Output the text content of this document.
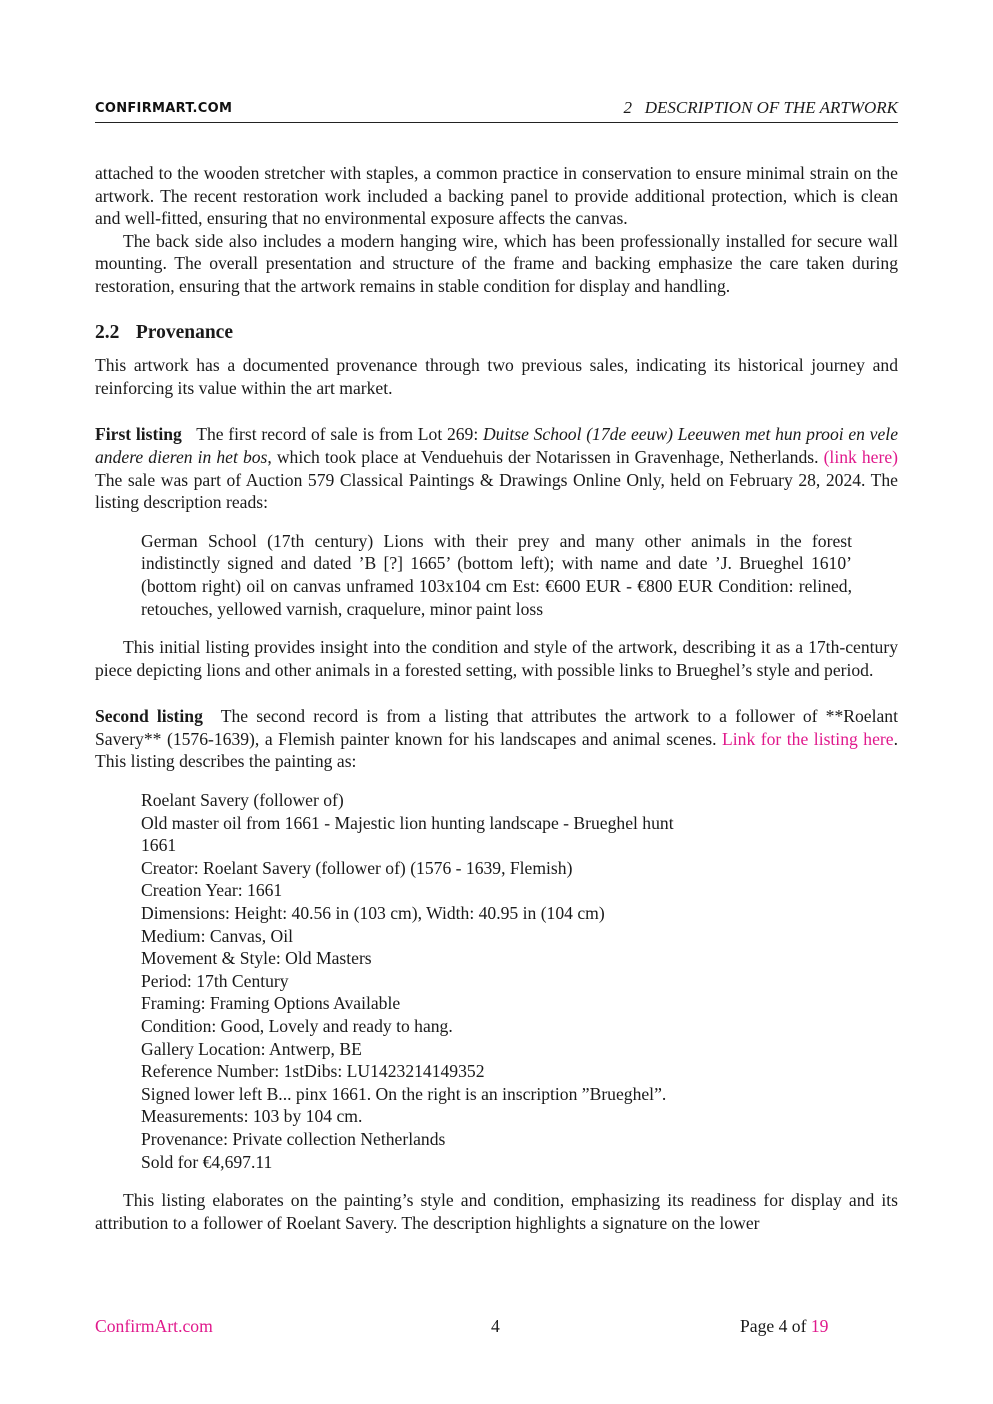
CONFIRMART.COM	2   DESCRIPTION OF THE ARTWORK

attached to the wooden stretcher with staples, a common practice in conservation to ensure minimal strain on the artwork. The recent restoration work included a backing panel to provide additional protection, which is clean and well-fitted, ensuring that no environmental exposure affects the canvas.

The back side also includes a modern hanging wire, which has been professionally installed for secure wall mounting. The overall presentation and structure of the frame and backing emphasize the care taken during restoration, ensuring that the artwork remains in stable condition for display and handling.

2.2 Provenance

This artwork has a documented provenance through two previous sales, indicating its historical journey and reinforcing its value within the art market.

First listing The first record of sale is from Lot 269: Duitse School (17de eeuw) Leeuwen met hun prooi en vele andere dieren in het bos, which took place at Venduehuis der Notarissen in Gravenhage, Netherlands. (link here) The sale was part of Auction 579 Classical Paintings & Drawings Online Only, held on February 28, 2024. The listing description reads:

German School (17th century) Lions with their prey and many other animals in the forest indistinctly signed and dated ’B [?] 1665’ (bottom left); with name and date ’J. Brueghel 1610’ (bottom right) oil on canvas unframed 103x104 cm Est: €600 EUR - €800 EUR Condition: relined, retouches, yellowed varnish, craquelure, minor paint loss

This initial listing provides insight into the condition and style of the artwork, describing it as a 17th-century piece depicting lions and other animals in a forested setting, with possible links to Brueghel’s style and period.

Second listing The second record is from a listing that attributes the artwork to a follower of **Roelant Savery** (1576-1639), a Flemish painter known for his landscapes and animal scenes. Link for the listing here. This listing describes the painting as:

Roelant Savery (follower of)
Old master oil from 1661 - Majestic lion hunting landscape - Brueghel hunt
1661
Creator: Roelant Savery (follower of) (1576 - 1639, Flemish)
Creation Year: 1661
Dimensions: Height: 40.56 in (103 cm), Width: 40.95 in (104 cm)
Medium: Canvas, Oil
Movement & Style: Old Masters
Period: 17th Century
Framing: Framing Options Available
Condition: Good, Lovely and ready to hang.
Gallery Location: Antwerp, BE
Reference Number: 1stDibs: LU1423214149352
Signed lower left B... pinx 1661. On the right is an inscription ”Brueghel”.
Measurements: 103 by 104 cm.
Provenance: Private collection Netherlands
Sold for €4,697.11

This listing elaborates on the painting’s style and condition, emphasizing its readiness for display and its attribution to a follower of Roelant Savery. The description highlights a signature on the lower

ConfirmArt.com	4	Page 4 of 19
